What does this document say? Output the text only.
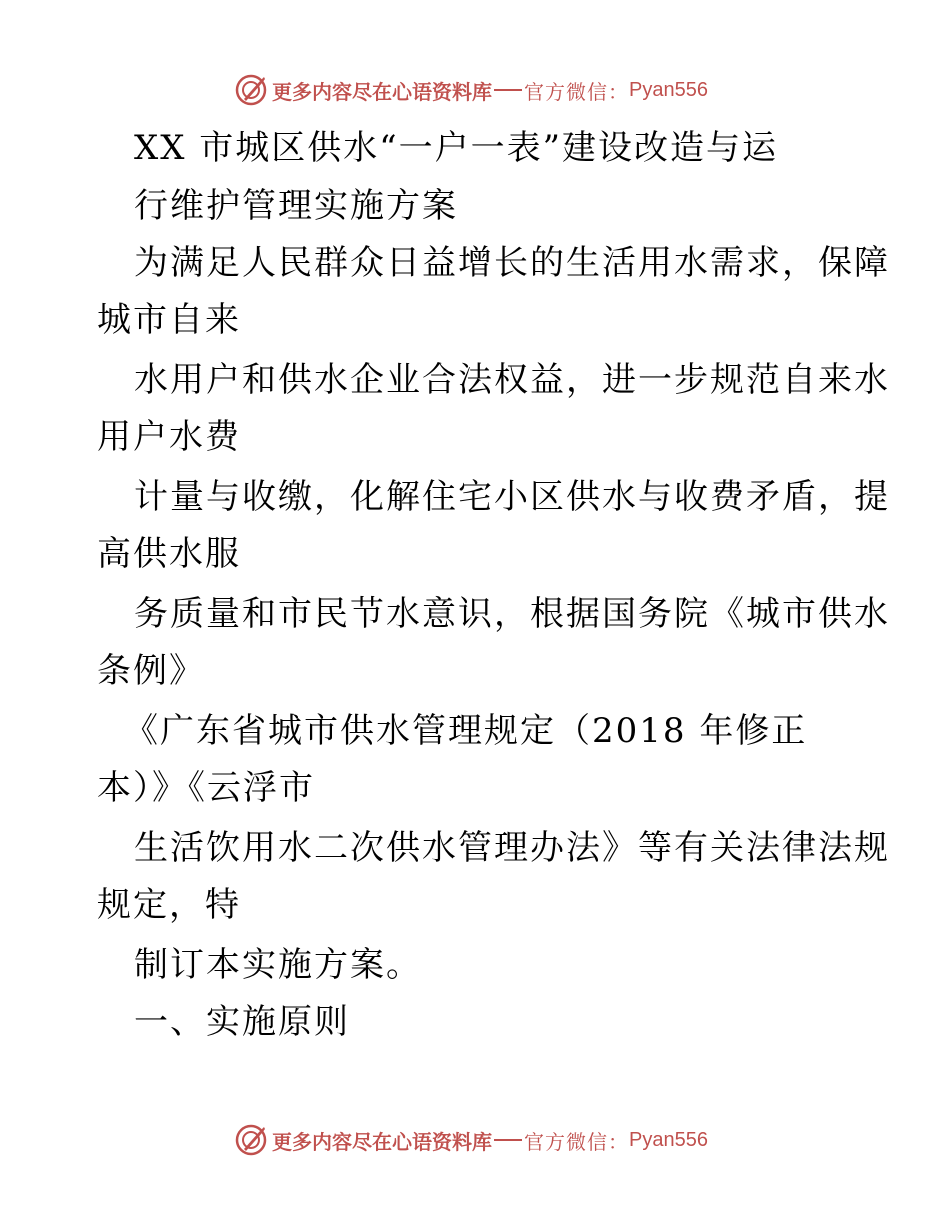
更多内容尽在心语资料库 官方微信： Pyan556
XX 市城区供水“一户一表”建设改造与运
行维护管理实施方案
为满足人民群众日益增长的生活用水需求，保障
城市自来
水用户和供水企业合法权益，进一步规范自来水
用户水费
计量与收缴，化解住宅小区供水与收费矛盾，提
高供水服
务质量和市民节水意识，根据国务院《城市供水
条例》
《广东省城市供水管理规定（2018 年修正
本）》《云浮市
生活饮用水二次供水管理办法》等有关法律法规
规定，特
制订本实施方案。
一、实施原则
更多内容尽在心语资料库 官方微信： Pyan556
